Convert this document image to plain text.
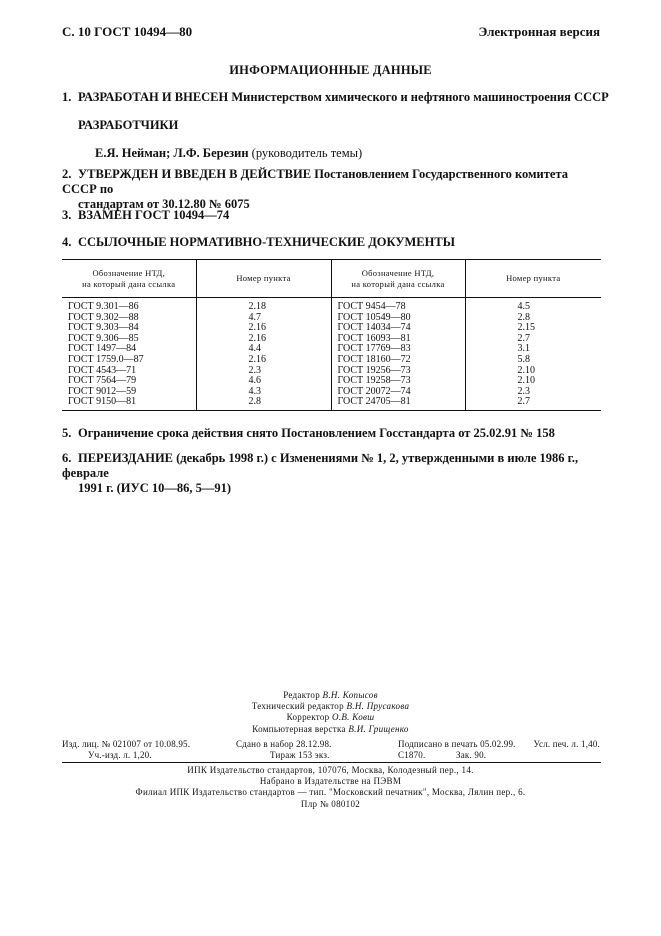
С. 10 ГОСТ 10494—80	Электронная версия
ИНФОРМАЦИОННЫЕ ДАННЫЕ
1. РАЗРАБОТАН И ВНЕСЕН Министерством химического и нефтяного машиностроения СССР
РАЗРАБОТЧИКИ
Е.Я. Нейман; Л.Ф. Березин (руководитель темы)
2. УТВЕРЖДЕН И ВВЕДЕН В ДЕЙСТВИЕ Постановлением Государственного комитета СССР по
стандартам от 30.12.80 № 6075
3. ВЗАМЕН ГОСТ 10494—74
4. ССЫЛОЧНЫЕ НОРМАТИВНО-ТЕХНИЧЕСКИЕ ДОКУМЕНТЫ
Обозначение НТД,
на который дана ссылка	Номер пункта	Обозначение НТД,
на который дана ссылка	Номер пункта
ГОСТ 9.301—86	2.18	ГОСТ 9454—78	4.5
ГОСТ 9.302—88	4.7	ГОСТ 10549—80	2.8
ГОСТ 9.303—84	2.16	ГОСТ 14034—74	2.15
ГОСТ 9.306—85	2.16	ГОСТ 16093—81	2.7
ГОСТ 1497—84	4.4	ГОСТ 17769—83	3.1
ГОСТ 1759.0—87	2.16	ГОСТ 18160—72	5.8
ГОСТ 4543—71	2.3	ГОСТ 19256—73	2.10
ГОСТ 7564—79	4.6	ГОСТ 19258—73	2.10
ГОСТ 9012—59	4.3	ГОСТ 20072—74	2.3
ГОСТ 9150—81	2.8	ГОСТ 24705—81	2.7
5. Ограничение срока действия снято Постановлением Госстандарта от 25.02.91 № 158
6. ПЕРЕИЗДАНИЕ (декабрь 1998 г.) с Изменениями № 1, 2, утвержденными в июле 1986 г., феврале
1991 г. (ИУС 10—86, 5—91)
Редактор В.Н. Копысов
Технический редактор В.Н. Прусакова
Корректор О.В. Ковш
Компьютерная верстка В.И. Грищенко
Изд. лиц. № 021007 от 10.08.95.	Сдано в набор 28.12.98.	Подписано в печать 05.02.99. Усл. печ. л. 1,40.
Уч.-изд. л. 1,20.	Тираж 153 экз.	С1870.	Зак. 90.
ИПК Издательство стандартов, 107076, Москва, Колодезный пер., 14.
Набрано в Издательстве на ПЭВМ
Филиал ИПК Издательство стандартов — тип. "Московский печатник", Москва, Лялин пер., 6.
Плр № 080102
